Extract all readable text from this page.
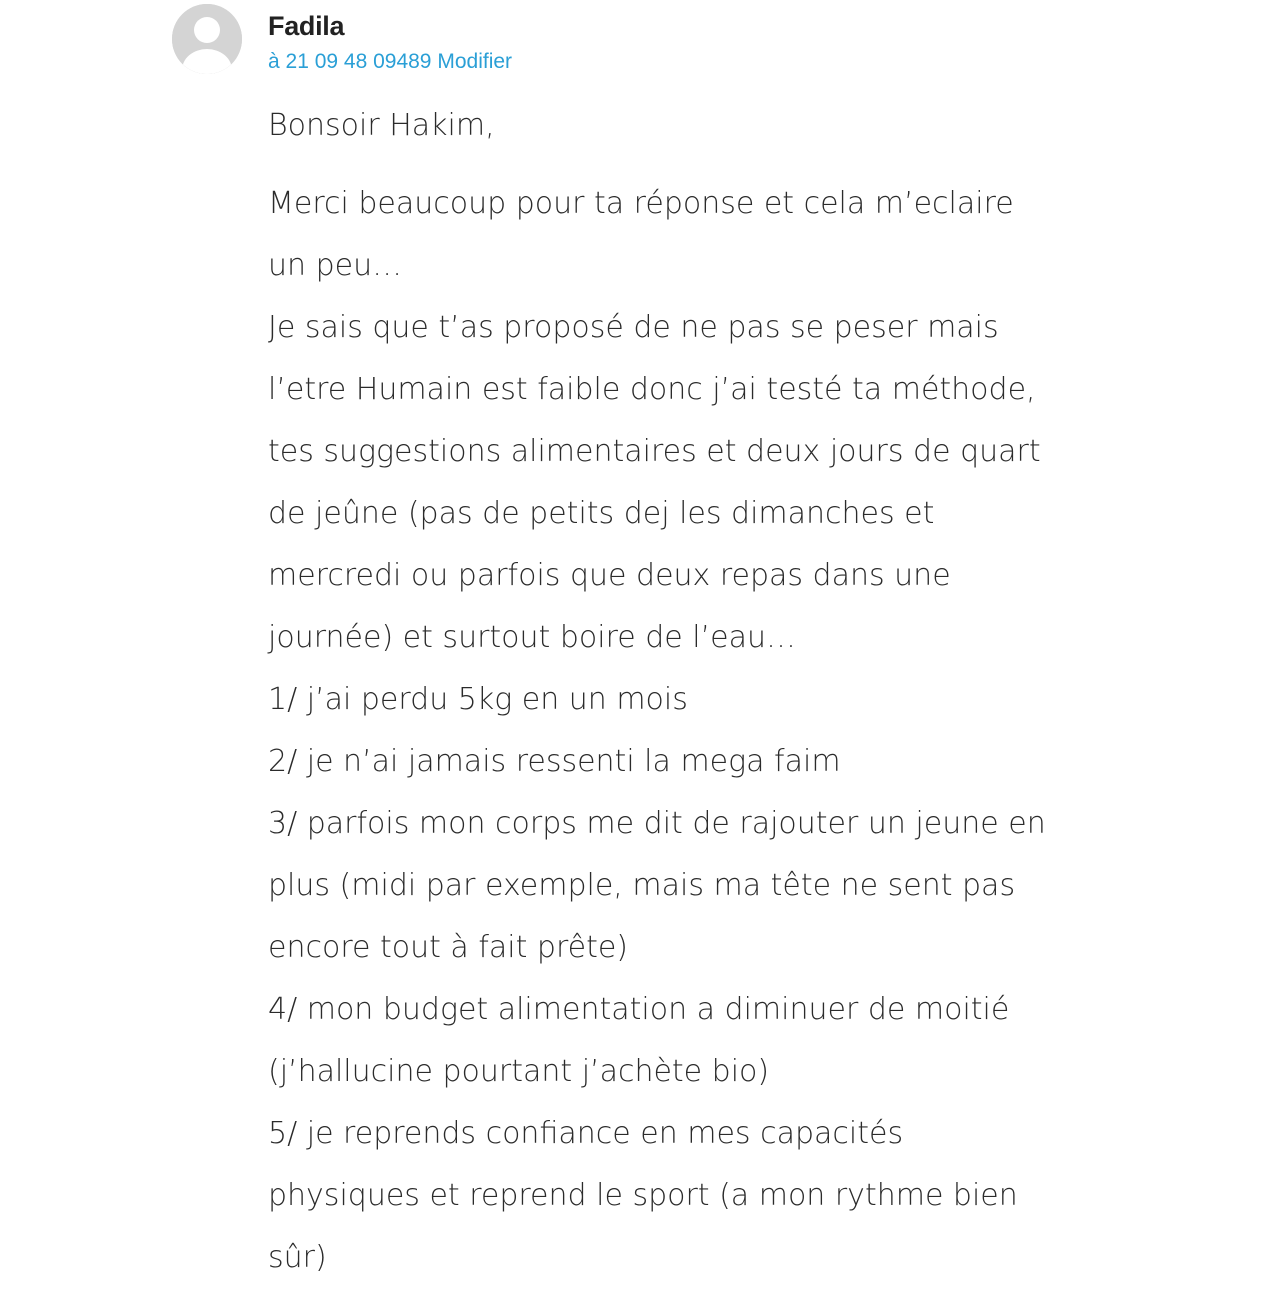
Fadila
à 21 09 48 09489 Modifier

Bonsoir Hakim,

Merci beaucoup pour ta réponse et cela m’eclaire
un peu…
Je sais que t’as proposé de ne pas se peser mais
l’etre Humain est faible donc j’ai testé ta méthode,
tes suggestions alimentaires et deux jours de quart
de jeûne (pas de petits dej les dimanches et
mercredi ou parfois que deux repas dans une
journée) et surtout boire de l’eau…
1/ j’ai perdu 5kg en un mois
2/ je n’ai jamais ressenti la mega faim
3/ parfois mon corps me dit de rajouter un jeune en
plus (midi par exemple, mais ma tête ne sent pas
encore tout à fait prête)
4/ mon budget alimentation a diminuer de moitié
(j’hallucine pourtant j’achète bio)
5/ je reprends confiance en mes capacités
physiques et reprend le sport (a mon rythme bien
sûr)
